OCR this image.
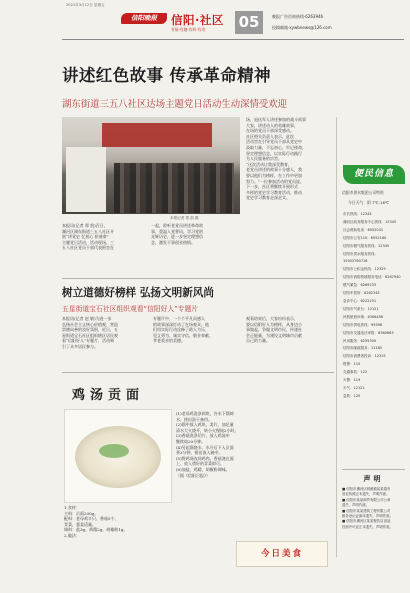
2021年3月12日 星期五
信阳晚报	信阳·社区
有情·有趣·有料·有用 05	晚报广告咨询热线·6263946
投稿邮箱·xywbnews@126.com
讲述红色故事 传承革命精神
湖东街道三五八社区达场主题党日活动生动深情受欢迎
本报记者 郑 凯 摄
本报讯(记者 郑 凯)百日，
浉河区湖东街道三五八社区开
展“讲党史 忆初心 担使命”
主题党日活动，活动现场，三
五八社区党员干部代表围坐在
一起，聆听老党员讲述革命故
事，重温入党誓词，学习党的
光辉历史，进一步坚定理想信
念，激发干事创业热情。
场，退伍军人讲述参加的战斗故事
大家，讲述动人的英雄故事，
在场的党员干部深受感动。
社区相关负责人表示，此次
活动旨在引导党员干部从党史中
汲取力量，不忘初心，牢记使命，
坚定理想信念，以实际行动践行
为人民服务的宗旨。
“这次活动让我深受教育，
老党员讲述的故事十分感人，我
要以他们为榜样，在工作中更加
努力。”一位参加活动的党员说。
下一步，社区将继续开展形式
多样的党史学习教育活动，推动
党史学习教育走深走实。
树立道德好榜样 弘扬文明新风尚
五星街道宝石社区组织观看“信阳好人”专题片
本报讯(记者 赵 敏)为进一步
弘扬社会主义核心价值观，营造
崇德向善的良好氛围，近日，五
星街道宝石社区组织辖区居民观
看“信阳好人”专题片，活动吸
引了众多居民参与。
专题片中，一个个平凡而感人
的故事深深打动了在场观众，他
们用实际行动诠释了助人为乐、
见义勇为、诚实守信、敬业奉献、
孝老爱亲的美德。
观看结束后，大家纷纷表示，
要以信阳好人为榜样，从身边小
事做起，争做文明市民，传递社
会正能量，为建设文明城市贡献
自己的力量。
鸡汤贡面
1.食材：
主料：贡面200g。
配料：老母鸡半只、香菇5个、
青菜、葱姜适量。
调料：盐3g、鸡精2g、胡椒粉1g。
2.做法：
(1)老母鸡洗净剁块，冷水下锅焯
水，捞出沥干备用。
(2)锅中放入鸡块、姜片，加足量
清水大火烧开，转小火慢炖2小时。
(3)香菇洗净切片，放入鸡汤中
继续炖20分钟。
(4)另起锅烧水，水开后下入贡面
煮3分钟，捞出放入碗中。
(5)将鸡汤连同鸡肉、香菇浇在面
上，放入烫好的青菜即可。
(6)加盐、鸡精、胡椒粉调味。
（据《信阳日报》）
今日美食
便民信息
信阳市供水集团公司特供
今日天气：阴 7℃-16℃
市长热线：12345
浉河区政务服务中心热线：12345
社会救助电话：6552041
信阳市公安110：6552160
信阳市燃气服务热线：12345
信阳市供水服务热线：
15503760718
信阳市公积金热线：12329
信阳市消防救援服务电话：6267940
燃气紧急：6269233
信阳车管所：6262345
急诊中心：6222251
信阳市气象台：12121
民航航班问询：6306456
信阳市供电热线：95598
信阳市交通违法举报：6360663
民用服务：6255300
信阳市邮政服务：11185
信阳市消费者投诉：12315
报警：110
交通事故：122
火警：119
天气：12121
急救：120
声明
■ 信阳市浉河区明港镇某某超市
营业执照正本遗失，声明作废。
■ 信阳市某某商贸有限公司公章
遗失，声明作废。
■ 信阳市某某建筑工程有限公司
税务登记证副本遗失，声明作废。
■ 信阳市浉河区某某餐饮店食品
经营许可证正本遗失，声明作废。
